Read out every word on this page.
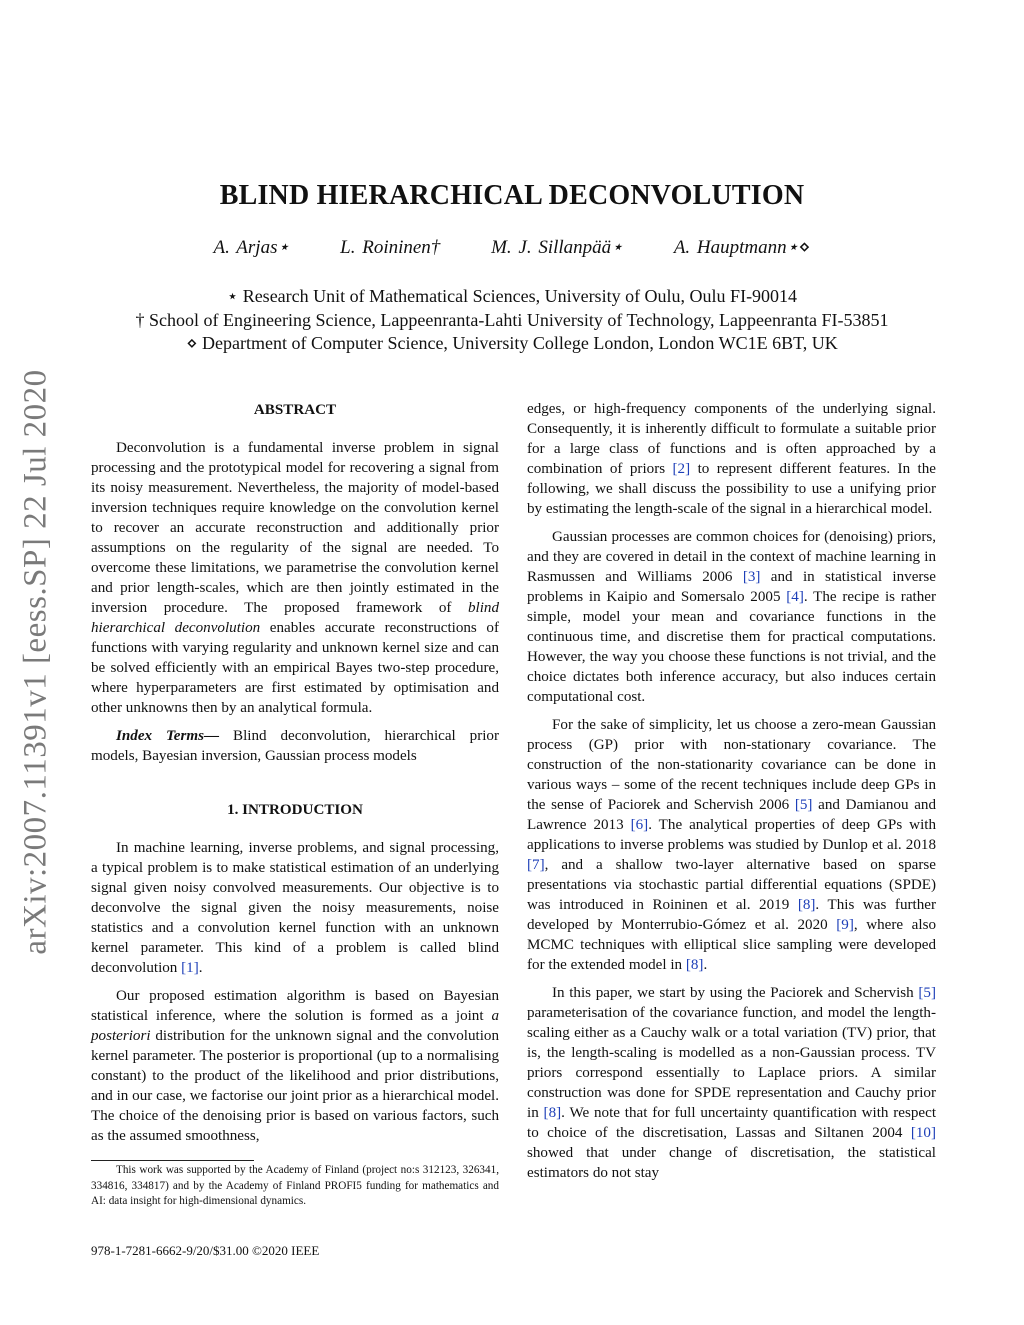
arXiv:2007.11391v1 [eess.SP] 22 Jul 2020
BLIND HIERARCHICAL DECONVOLUTION
A. Arjas⋆	L. Roininen†	M. J. Sillanpää⋆	A. Hauptmann⋆⋄
⋆ Research Unit of Mathematical Sciences, University of Oulu, Oulu FI-90014
† School of Engineering Science, Lappeenranta-Lahti University of Technology, Lappeenranta FI-53851
⋄ Department of Computer Science, University College London, London WC1E 6BT, UK
ABSTRACT

Deconvolution is a fundamental inverse problem in signal processing and the prototypical model for recovering a signal from its noisy measurement. Nevertheless, the majority of model-based inversion techniques require knowledge on the convolution kernel to recover an accurate reconstruction and additionally prior assumptions on the regularity of the signal are needed. To overcome these limitations, we parametrise the convolution kernel and prior length-scales, which are then jointly estimated in the inversion procedure. The proposed framework of blind hierarchical deconvolution enables accurate reconstructions of functions with varying regularity and unknown kernel size and can be solved efficiently with an empirical Bayes two-step procedure, where hyperparameters are first estimated by optimisation and other unknowns then by an analytical formula.

Index Terms— Blind deconvolution, hierarchical prior models, Bayesian inversion, Gaussian process models

1. INTRODUCTION

In machine learning, inverse problems, and signal processing, a typical problem is to make statistical estimation of an underlying signal given noisy convolved measurements. Our objective is to deconvolve the signal given the noisy measurements, noise statistics and a convolution kernel function with an unknown kernel parameter. This kind of a problem is called blind deconvolution [1].

Our proposed estimation algorithm is based on Bayesian statistical inference, where the solution is formed as a joint a posteriori distribution for the unknown signal and the convolution kernel parameter. The posterior is proportional (up to a normalising constant) to the product of the likelihood and prior distributions, and in our case, we factorise our joint prior as a hierarchical model. The choice of the denoising prior is based on various factors, such as the assumed smoothness,

edges, or high-frequency components of the underlying signal. Consequently, it is inherently difficult to formulate a suitable prior for a large class of functions and is often approached by a combination of priors [2] to represent different features. In the following, we shall discuss the possibility to use a unifying prior by estimating the length-scale of the signal in a hierarchical model.

Gaussian processes are common choices for (denoising) priors, and they are covered in detail in the context of machine learning in Rasmussen and Williams 2006 [3] and in statistical inverse problems in Kaipio and Somersalo 2005 [4]. The recipe is rather simple, model your mean and covariance functions in the continuous time, and discretise them for practical computations. However, the way you choose these functions is not trivial, and the choice dictates both inference accuracy, but also induces certain computational cost.

For the sake of simplicity, let us choose a zero-mean Gaussian process (GP) prior with non-stationary covariance. The construction of the non-stationarity covariance can be done in various ways – some of the recent techniques include deep GPs in the sense of Paciorek and Schervish 2006 [5] and Damianou and Lawrence 2013 [6]. The analytical properties of deep GPs with applications to inverse problems was studied by Dunlop et al. 2018 [7], and a shallow two-layer alternative based on sparse presentations via stochastic partial differential equations (SPDE) was introduced in Roininen et al. 2019 [8]. This was further developed by Monterrubio-Gómez et al. 2020 [9], where also MCMC techniques with elliptical slice sampling were developed for the extended model in [8].

In this paper, we start by using the Paciorek and Schervish [5] parameterisation of the covariance function, and model the length-scaling either as a Cauchy walk or a total variation (TV) prior, that is, the length-scaling is modelled as a non-Gaussian process. TV priors correspond essentially to Laplace priors. A similar construction was done for SPDE representation and Cauchy prior in [8]. We note that for full uncertainty quantification with respect to choice of the discretisation, Lassas and Siltanen 2004 [10] showed that under change of discretisation, the statistical estimators do not stay

This work was supported by the Academy of Finland (project no:s 312123, 326341, 334816, 334817) and by the Academy of Finland PROFI5 funding for mathematics and AI: data insight for high-dimensional dynamics.
978-1-7281-6662-9/20/$31.00 ©2020 IEEE
